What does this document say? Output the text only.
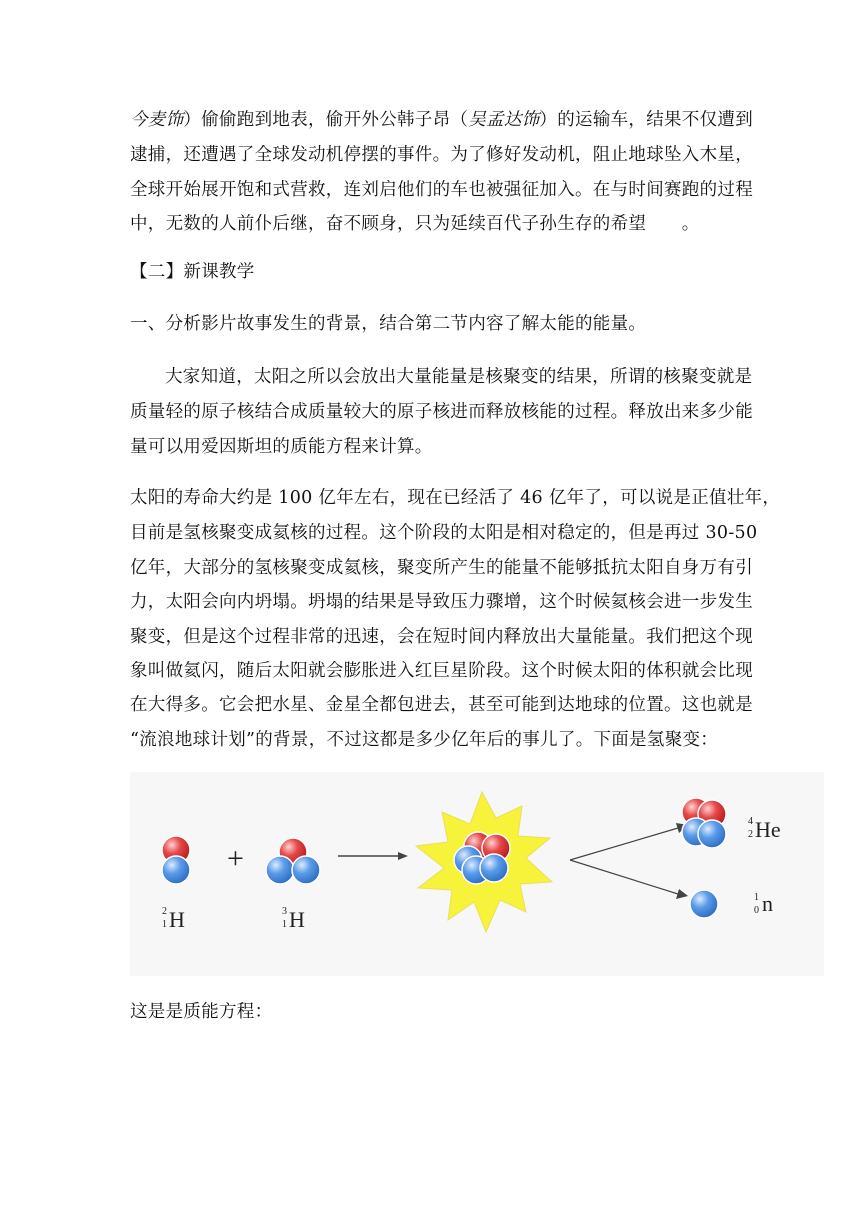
今麦饰）偷偷跑到地表，偷开外公韩子昂（吴孟达饰）的运输车，结果不仅遭到

逮捕，还遭遇了全球发动机停摆的事件。为了修好发动机，阻止地球坠入木星，

全球开始展开饱和式营救，连刘启他们的车也被强征加入。在与时间赛跑的过程

中，无数的人前仆后继，奋不顾身，只为延续百代子孙生存的希望　　。

【二】新课教学

一、分析影片故事发生的背景，结合第二节内容了解太能的能量。

大家知道，太阳之所以会放出大量能量是核聚变的结果，所谓的核聚变就是

质量轻的原子核结合成质量较大的原子核进而释放核能的过程。释放出来多少能

量可以用爱因斯坦的质能方程来计算。

太阳的寿命大约是 100 亿年左右，现在已经活了 46 亿年了，可以说是正值壮年，

目前是氢核聚变成氦核的过程。这个阶段的太阳是相对稳定的，但是再过 30-50

亿年，大部分的氢核聚变成氦核，聚变所产生的能量不能够抵抗太阳自身万有引

力，太阳会向内坍塌。坍塌的结果是导致压力骤增，这个时候氦核会进一步发生

聚变，但是这个过程非常的迅速，会在短时间内释放出大量能量。我们把这个现

象叫做氦闪，随后太阳就会膨胀进入红巨星阶段。这个时候太阳的体积就会比现

在大得多。它会把水星、金星全都包进去，甚至可能到达地球的位置。这也就是

“流浪地球计划”的背景，不过这都是多少亿年后的事儿了。下面是氢聚变：

+
2
1 H	3
1 H
4
2 He
1
0 n

这是是质能方程：
